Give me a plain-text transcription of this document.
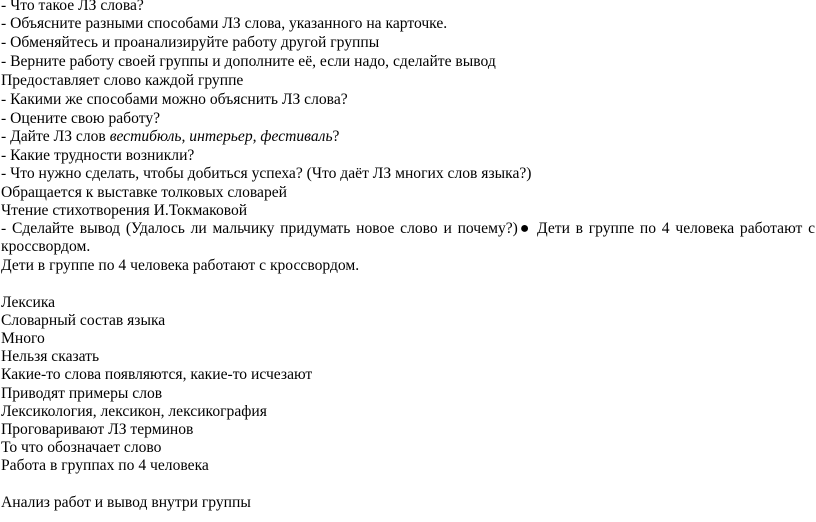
- Что такое ЛЗ слова?
- Объясните разными способами ЛЗ слова, указанного на карточке.
- Обменяйтесь и проанализируйте работу другой группы
- Верните работу своей группы и дополните её, если надо, сделайте вывод
Предоставляет слово каждой группе
- Какими же способами можно объяснить ЛЗ слова?
- Оцените свою работу?
- Дайте ЛЗ слов вестибюль, интерьер, фестиваль?
- Какие трудности возникли?
- Что нужно сделать, чтобы добиться успеха? (Что даёт ЛЗ многих слов языка?)
Обращается к выставке толковых словарей
Чтение стихотворения И.Токмаковой
- Сделайте вывод (Удалось ли мальчику придумать новое слово и почему?)● Дети в группе по 4 человека работают с
кроссвордом.
Дети в группе по 4 человека работают с кроссвордом.
Лексика
Словарный состав языка
Много
Нельзя сказать
Какие-то слова появляются, какие-то исчезают
Приводят примеры слов
Лексикология, лексикон, лексикография
Проговаривают ЛЗ терминов
То что обозначает слово
Работа в группах по 4 человека
Анализ работ и вывод внутри группы
